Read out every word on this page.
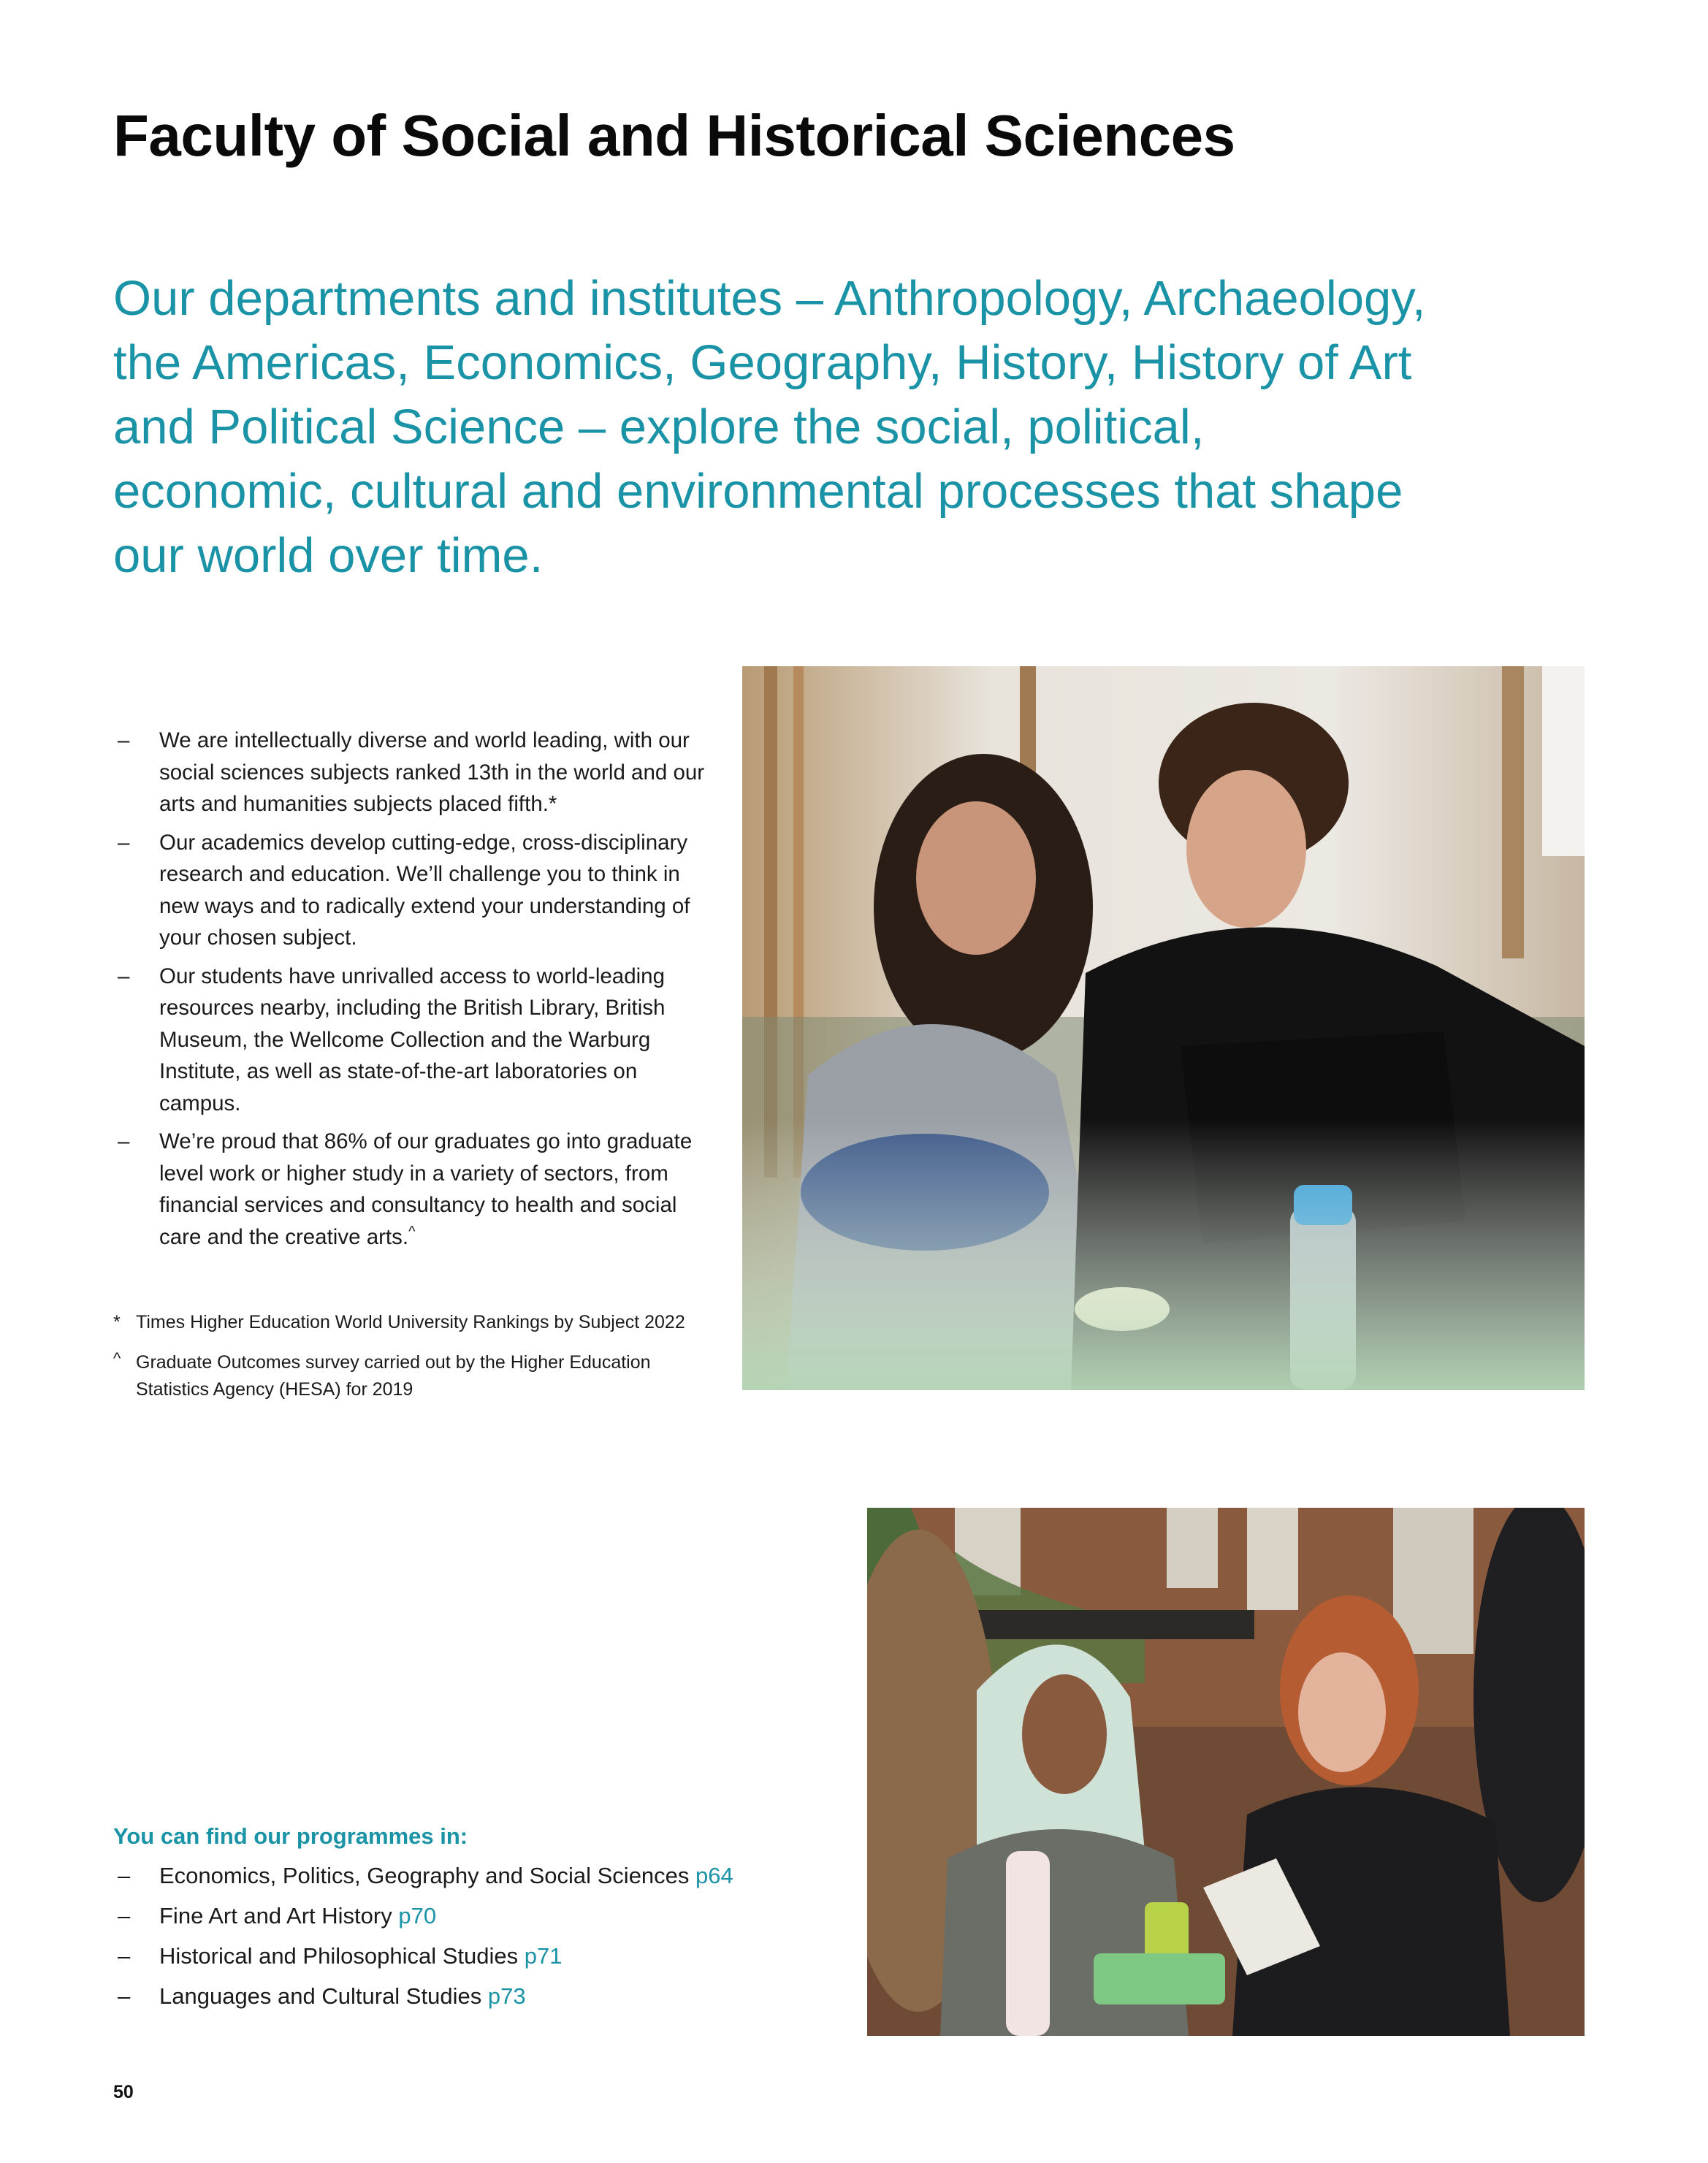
Faculty of Social and Historical Sciences

Our departments and institutes – Anthropology, Archaeology, the Americas, Economics, Geography, History, History of Art and Political Science – explore the social, political, economic, cultural and environmental processes that shape our world over time.

– We are intellectually diverse and world leading, with our social sciences subjects ranked 13th in the world and our arts and humanities subjects placed fifth.*
– Our academics develop cutting-edge, cross-disciplinary research and education. We’ll challenge you to think in new ways and to radically extend your understanding of your chosen subject.
– Our students have unrivalled access to world-leading resources nearby, including the British Library, British Museum, the Wellcome Collection and the Warburg Institute, as well as state-of-the-art laboratories on campus.
– We’re proud that 86% of our graduates go into graduate level work or higher study in a variety of sectors, from financial services and consultancy to health and social care and the creative arts.^
* Times Higher Education World University Rankings by Subject 2022
^ Graduate Outcomes survey carried out by the Higher Education Statistics Agency (HESA) for 2019
You can find our programmes in:
– Economics, Politics, Geography and Social Sciences p64
– Fine Art and Art History p70
– Historical and Philosophical Studies p71
– Languages and Cultural Studies p73
50
